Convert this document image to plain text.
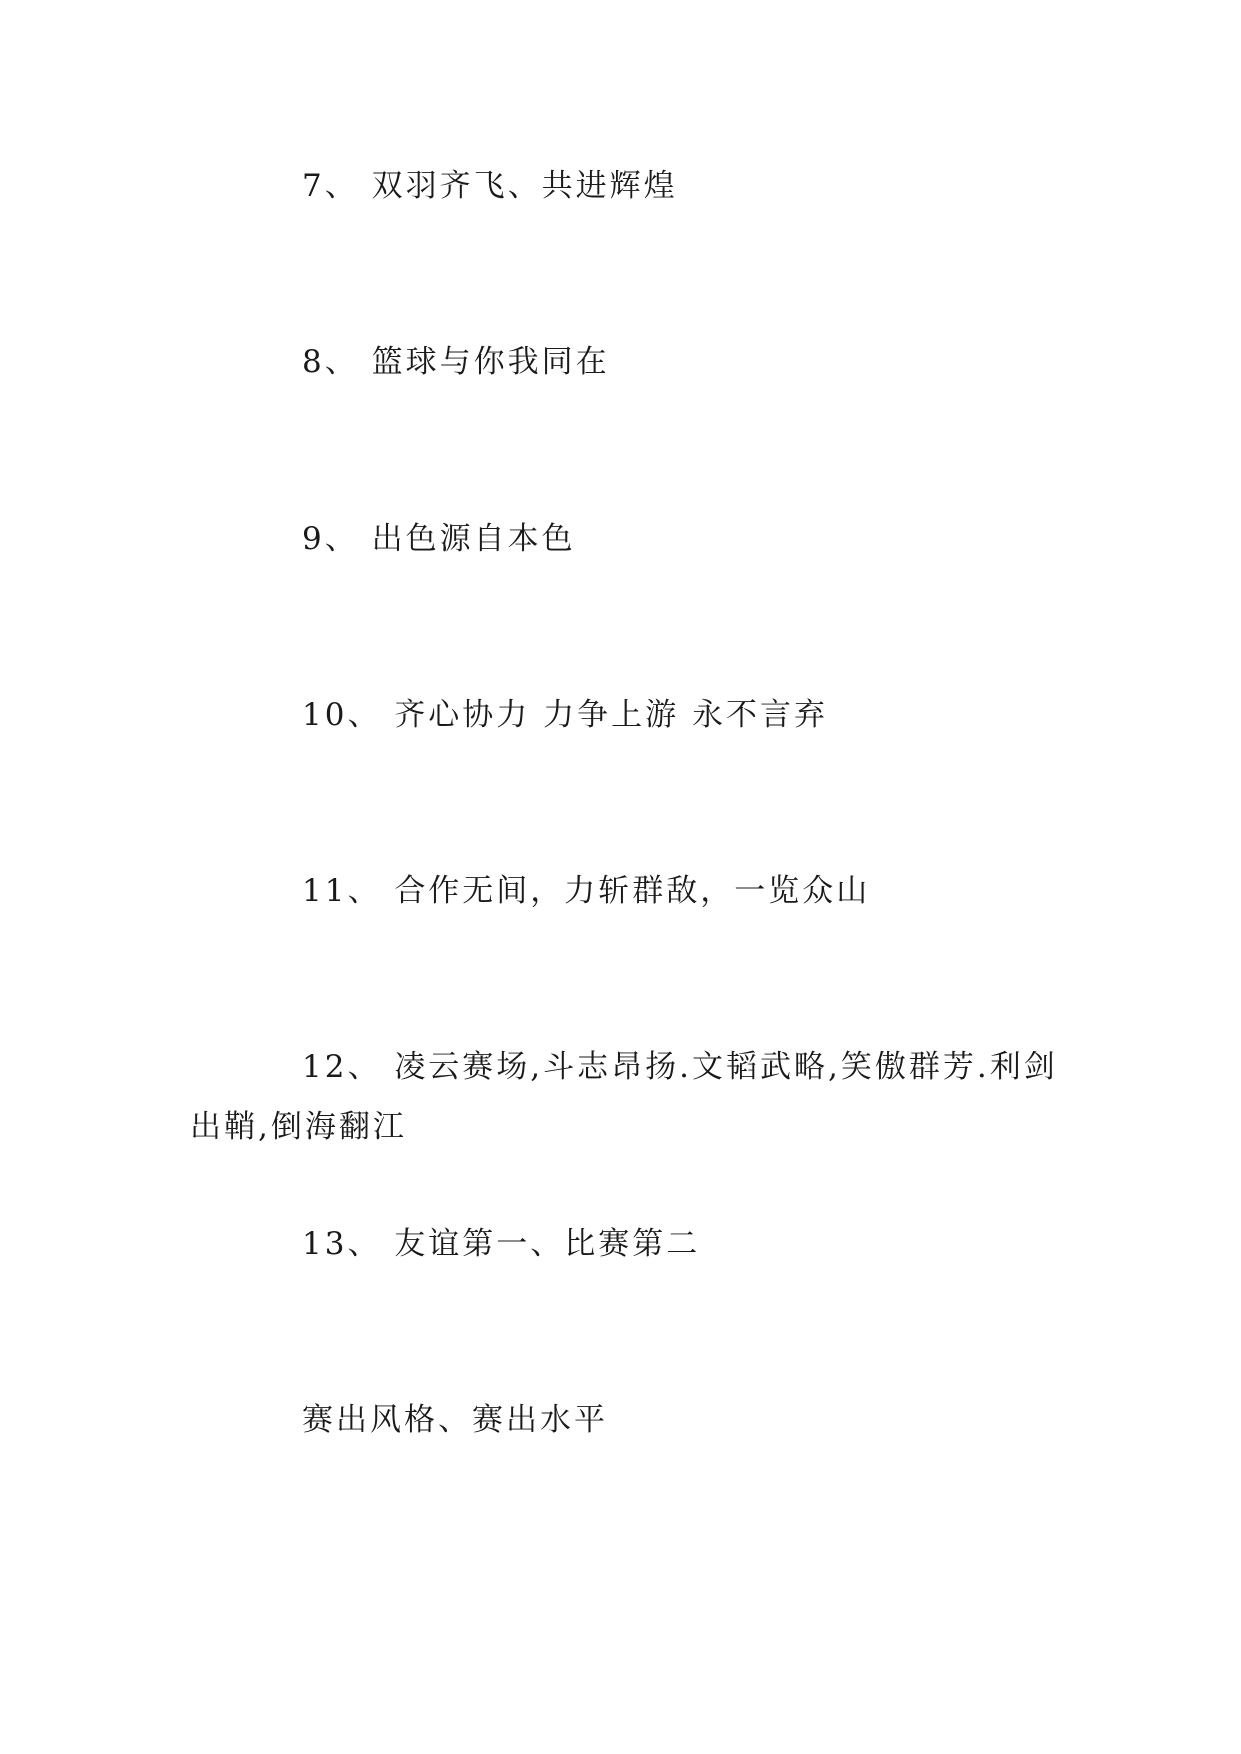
7、 双羽齐飞、共进辉煌
8、 篮球与你我同在
9、 出色源自本色
10、 齐心协力 力争上游 永不言弃
11、 合作无间，力斩群敌，一览众山
12、 凌云赛场,斗志昂扬.文韬武略,笑傲群芳.利剑出鞘,倒海翻江
13、 友谊第一、比赛第二
赛出风格、赛出水平
